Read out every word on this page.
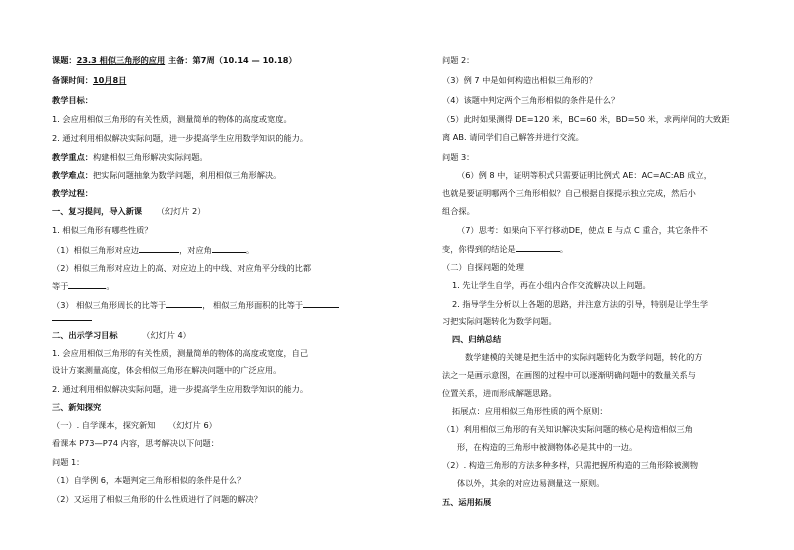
课题：23.3 相似三角形的应用 主备：第7周（10.14 — 10.18）
备课时间：10月8日
教学目标：
1. 会应用相似三角形的有关性质，测量简单的物体的高度或宽度。
2. 通过利用相似解决实际问题，进一步提高学生应用数学知识的能力。
教学重点：构建相似三角形解决实际问题。
教学难点：把实际问题抽象为数学问题，利用相似三角形解决。
教学过程：
一、复习提问，导入新课 （幻灯片 2）
1. 相似三角形有哪些性质？
（1）相似三角形对应边	，对应角	。
（2）相似三角形对应边上的高、对应边上的中线、对应角平分线的比都
等于	。
（3） 相似三角形周长的比等于	， 相似三角形面积的比等于
二、出示学习目标	（幻灯片 4）
1. 会应用相似三角形的有关性质，测量简单的物体的高度或宽度，自己
设计方案测量高度，体会相似三角形在解决问题中的广泛应用。
2. 通过利用相似解决实际问题，进一步提高学生应用数学知识的能力。
三、新知探究
（一）. 自学课本，探究新知 （幻灯片 6）
看课本 P73—P74 内容，思考解决以下问题：
问题 1：
（1）自学例 6，本题判定三角形相似的条件是什么？
（2）又运用了相似三角形的什么性质进行了问题的解决？
问题 2：
（3）例 7 中是如何构造出相似三角形的？
（4）该题中判定两个三角形相似的条件是什么？
（5）此时如果测得 DE=120 米，BC=60 米，BD=50 米，求两岸间的大致距
离 AB. 请同学们自己解答并进行交流。
问题 3：
（6）例 8 中，证明等积式只需要证明比例式 AE：AC=AC:AB 成立，
也就是要证明哪两个三角形相似？自己根据自探提示独立完成，然后小
组合探。
（7）思考：如果向下平行移动DE，使点 E 与点 C 重合，其它条件不
变，你得到的结论是	。
（二）自探问题的处理
1. 先让学生自学，再在小组内合作交流解决以上问题。
2. 指导学生分析以上各题的思路，并注意方法的引导，特别是让学生学
习把实际问题转化为数学问题。
四、归纳总结
数学建模的关键是把生活中的实际问题转化为数学问题，转化的方
法之一是画示意图，在画图的过程中可以逐渐明确问题中的数量关系与
位置关系，进而形成解题思路。
拓展点：应用相似三角形性质的两个原则：
（1）利用相似三角形的有关知识解决实际问题的核心是构造相似三角
形，在构造的三角形中被测物体必是其中的一边。
（2）. 构造三角形的方法多种多样，只需把握所构造的三角形除被测物
体以外，其余的对应边易测量这一原则。
五、运用拓展
